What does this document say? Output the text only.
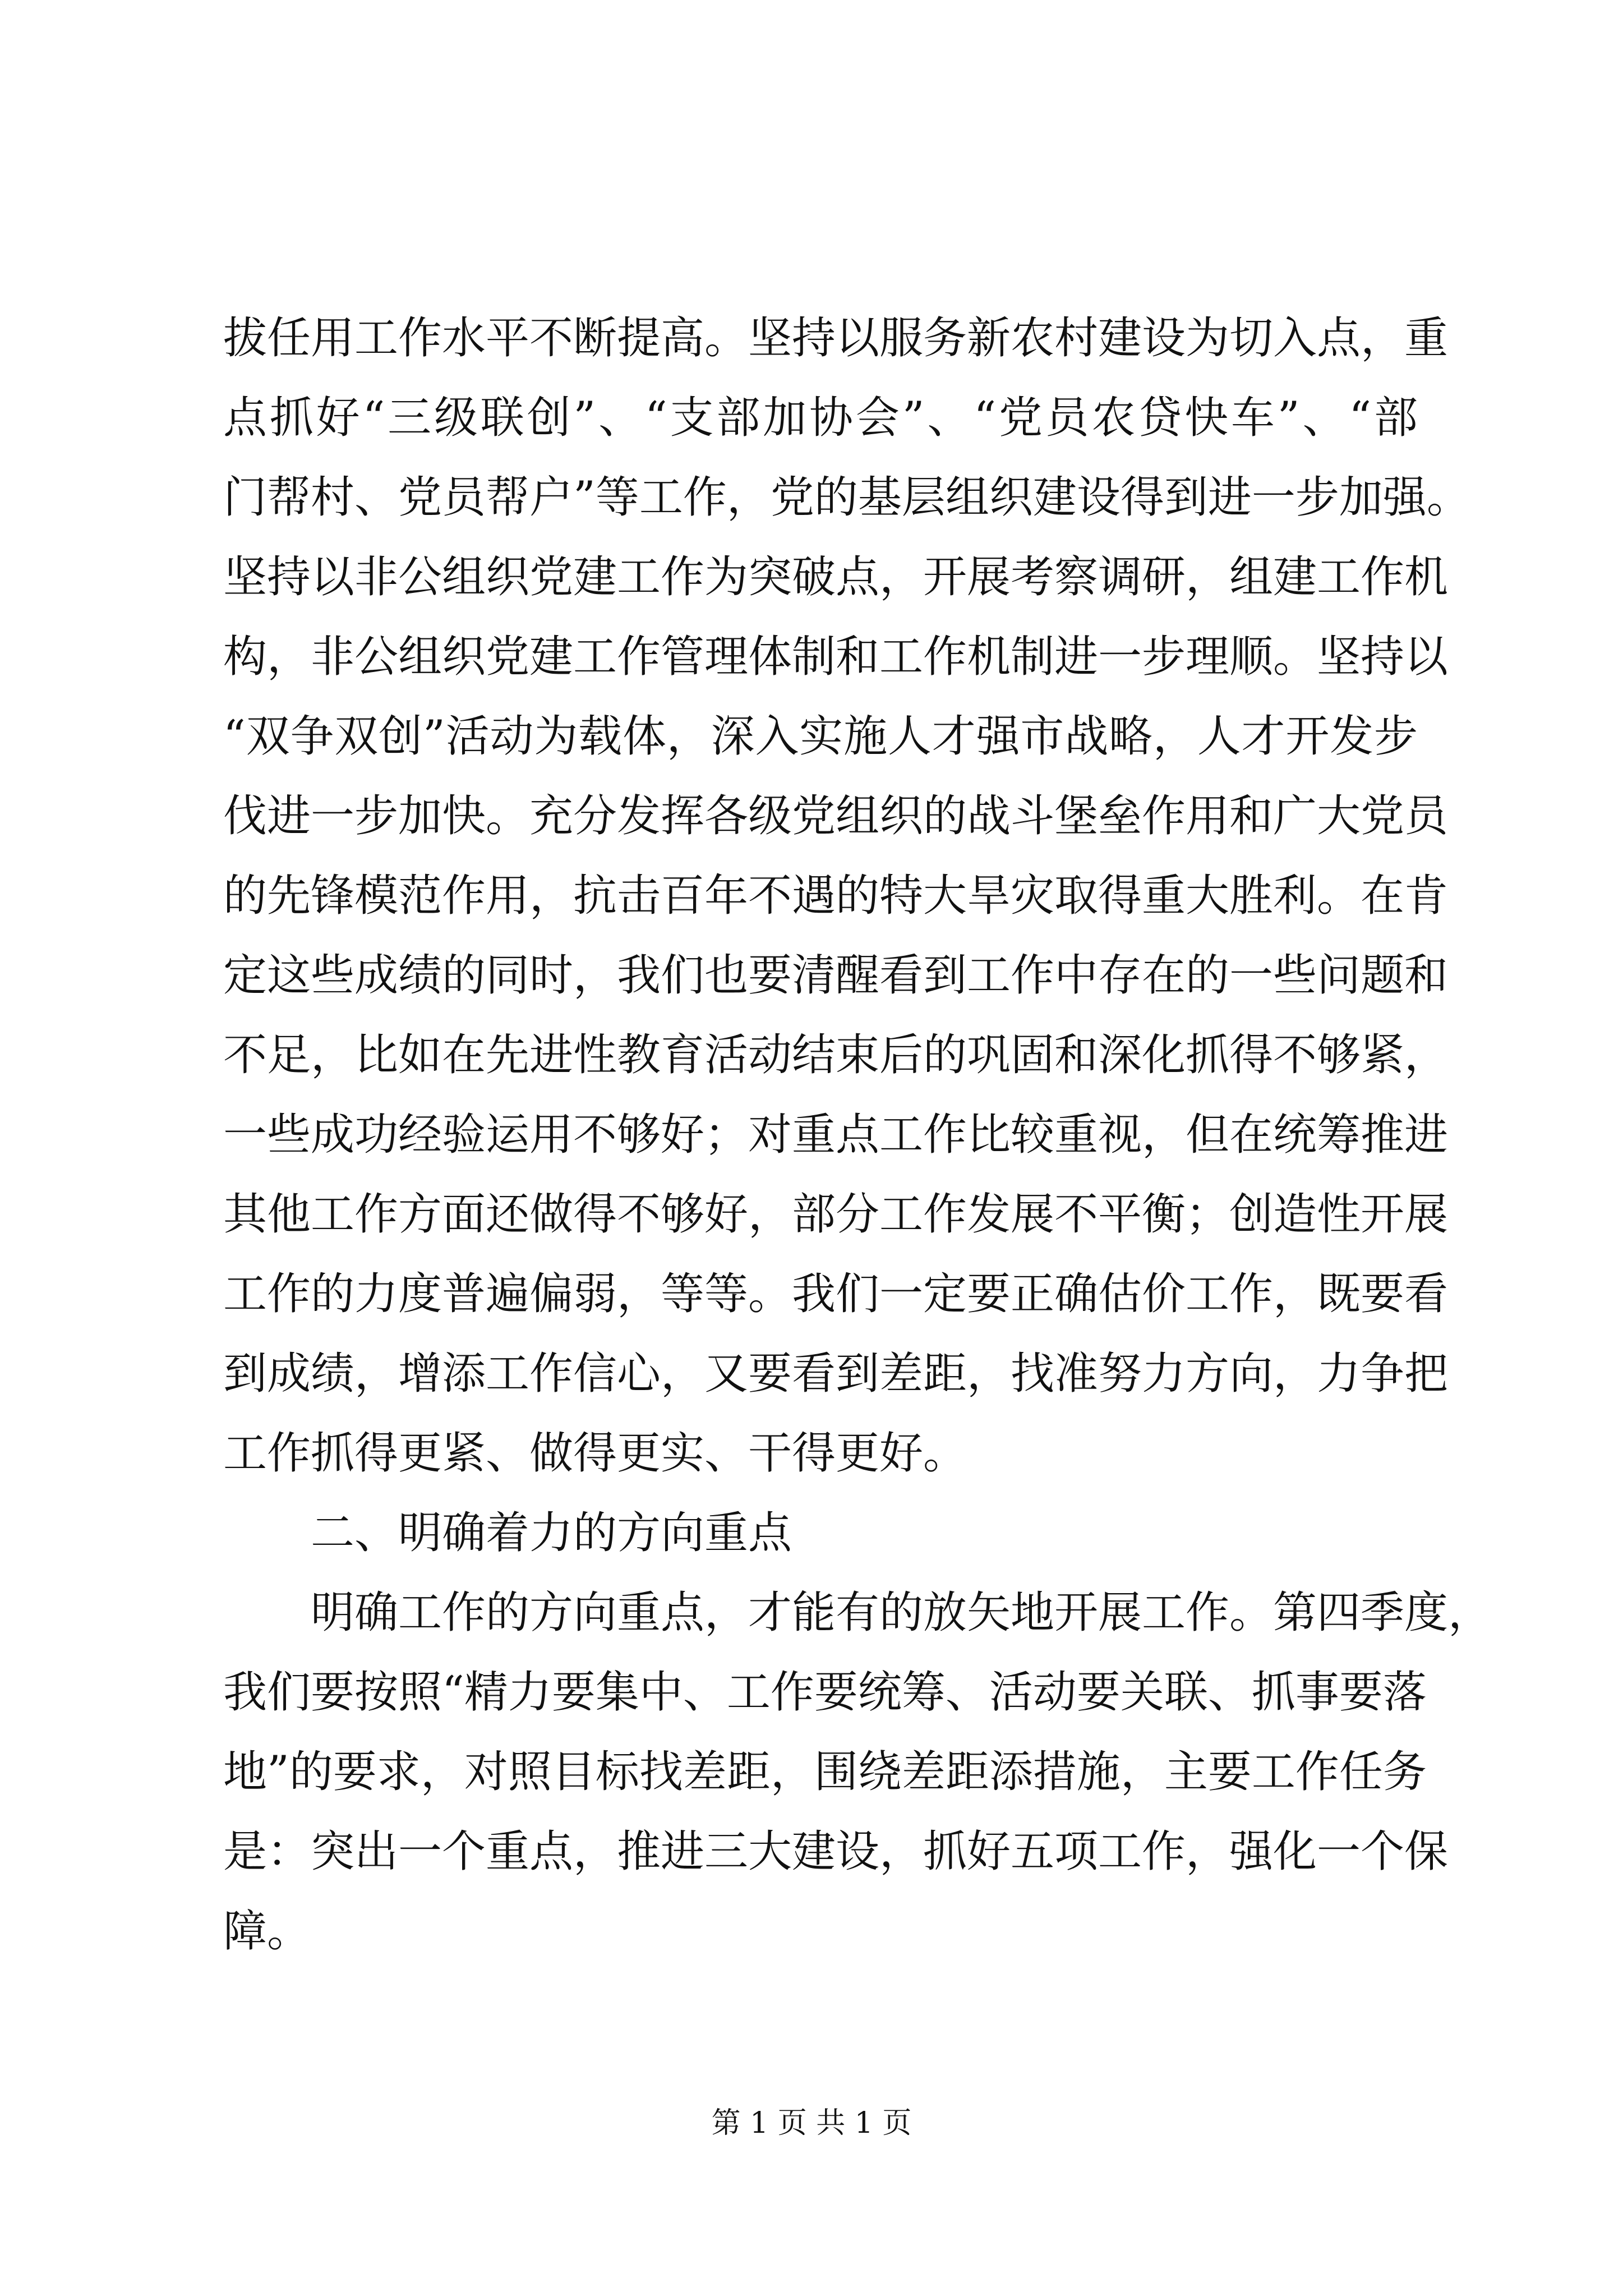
拔任用工作水平不断提高。坚持以服务新农村建设为切入点，重
点抓好“三级联创”、“支部加协会”、“党员农贷快车”、“部
门帮村、党员帮户”等工作，党的基层组织建设得到进一步加强。
坚持以非公组织党建工作为突破点，开展考察调研，组建工作机
构，非公组织党建工作管理体制和工作机制进一步理顺。坚持以
“双争双创”活动为载体，深入实施人才强市战略，人才开发步
伐进一步加快。充分发挥各级党组织的战斗堡垒作用和广大党员
的先锋模范作用，抗击百年不遇的特大旱灾取得重大胜利。在肯
定这些成绩的同时，我们也要清醒看到工作中存在的一些问题和
不足，比如在先进性教育活动结束后的巩固和深化抓得不够紧，
一些成功经验运用不够好；对重点工作比较重视，但在统筹推进
其他工作方面还做得不够好，部分工作发展不平衡；创造性开展
工作的力度普遍偏弱，等等。我们一定要正确估价工作，既要看
到成绩，增添工作信心，又要看到差距，找准努力方向，力争把
工作抓得更紧、做得更实、干得更好。
二、明确着力的方向重点
明确工作的方向重点，才能有的放矢地开展工作。第四季度，
我们要按照“精力要集中、工作要统筹、活动要关联、抓事要落
地”的要求，对照目标找差距，围绕差距添措施，主要工作任务
是：突出一个重点，推进三大建设，抓好五项工作，强化一个保
障。
第 1 页 共 1 页
